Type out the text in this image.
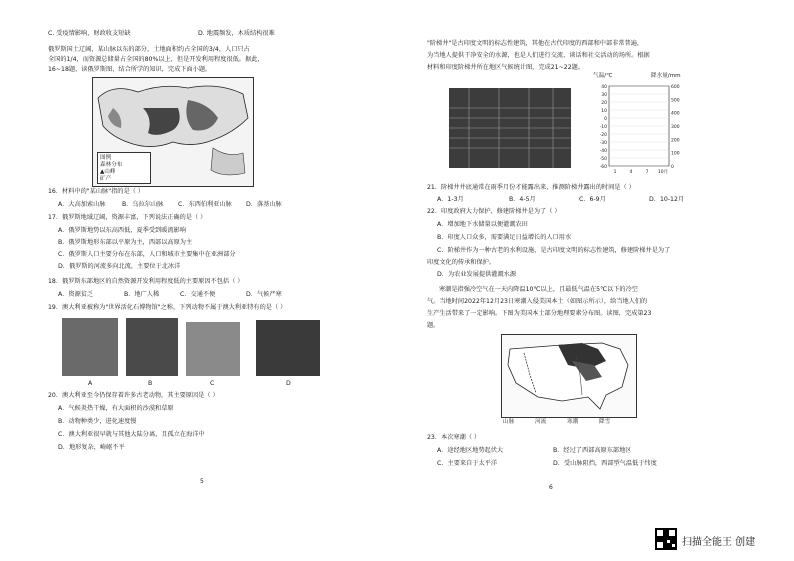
C. 受疫情影响，财政收支短缺	D. 地震频发，木质结构很难
俄罗斯国土辽阔，某山脉以东的部分，土地面积约占全国的3/4，人口只占
全国的1/4，而资源总储量占全国的80%以上，但是开发利用程度很低。据此，
16~18题，读俄罗斯图，结合所学的知识，完成下面小题。
图例
森林分布
▲山峰
矿产
16．材料中的"某山脉"指的是（ ）
A．大高加索山脉	B．乌拉尔山脉 C．东西伯利亚山脉 D．落基山脉
17．俄罗斯地域辽阔，资源丰富，下列说法正确的是（ ）
A．俄罗斯地势以东高西低，夏季受到暖流影响
B．俄罗斯地形东部以平原为主，西部以高原为主
C．俄罗斯人口主要分布在东部，人口和城市主要集中在亚洲部分
D．俄罗斯的河流多向北流，主要位于北冰洋
18．俄罗斯东部地区的自然资源开发利用程度低的主要原因不包括（ ）
A．资源贫乏	B．地广人稀	C．交通不便	D．气候严寒
19．澳大利亚被称为"世界活化石博物馆"之称，下列动物不属于澳大利亚特有的是（ ）
A	B	C	D
20．澳大利亚至今仍保存着许多古老动物，其主要原因是（ ）
A．气候炎热干燥，有大面积的沙漠和草原
B．动物种类少，进化速度慢
C．澳大利亚很早就与其他大陆分离，且孤立在海洋中
D．地形复杂，崎岖不平
5
"阶梯井"是古印度文明的标志性建筑，其他在古代印度的西部和中部非常普遍，
为当地人提供干净安全的水源，也是人们进行交流、谈话和社交活动的场所。根据
材料和印度阶梯井所在地区气候统计图，完成21~22题。
气温/℃	降水量/mm
40
30
20
10
0
-10
-20
-30
-40
-50
-60
600
500
400
300
200
100
0
1	4	7 10月
21．阶梯井井底通常在雨季月份才能露出来，推测阶梯井露出的时间是（ ）
A．1-3月	B．4-5月	C．6-9月	D．10-12月
22．印度政府大力保护、修建阶梯井是为了（ ）
A．增加地下水储量以便灌溉农田
B．印度人口众多，需要满足日益增长的人口用水
C．阶梯井作为一种古老的水利设施，是古印度文明的标志性建筑，修建阶梯井是为了
印度文化的传承和保护。
D．为农业发展提供灌溉水源
寒潮是指强冷空气在一天内降温10℃以上，且最低气温在5℃以下的冷空
气。当地时间2022年12月23日寒潮入侵美国本土（如图示所示），给当地人们的
生产生活带来了一定影响。下图为美国本土部分地理要素分布图。读图，完成第23
题。
山脉	河流	寒潮	降雪
23．本次寒潮（ ）
A．途经地区地势起伏大	B．经过了西部高原东部地区
C．主要来自于太平洋	D．受山脉阻挡，西部型气温低于纬度
6
扫描全能王 创建
